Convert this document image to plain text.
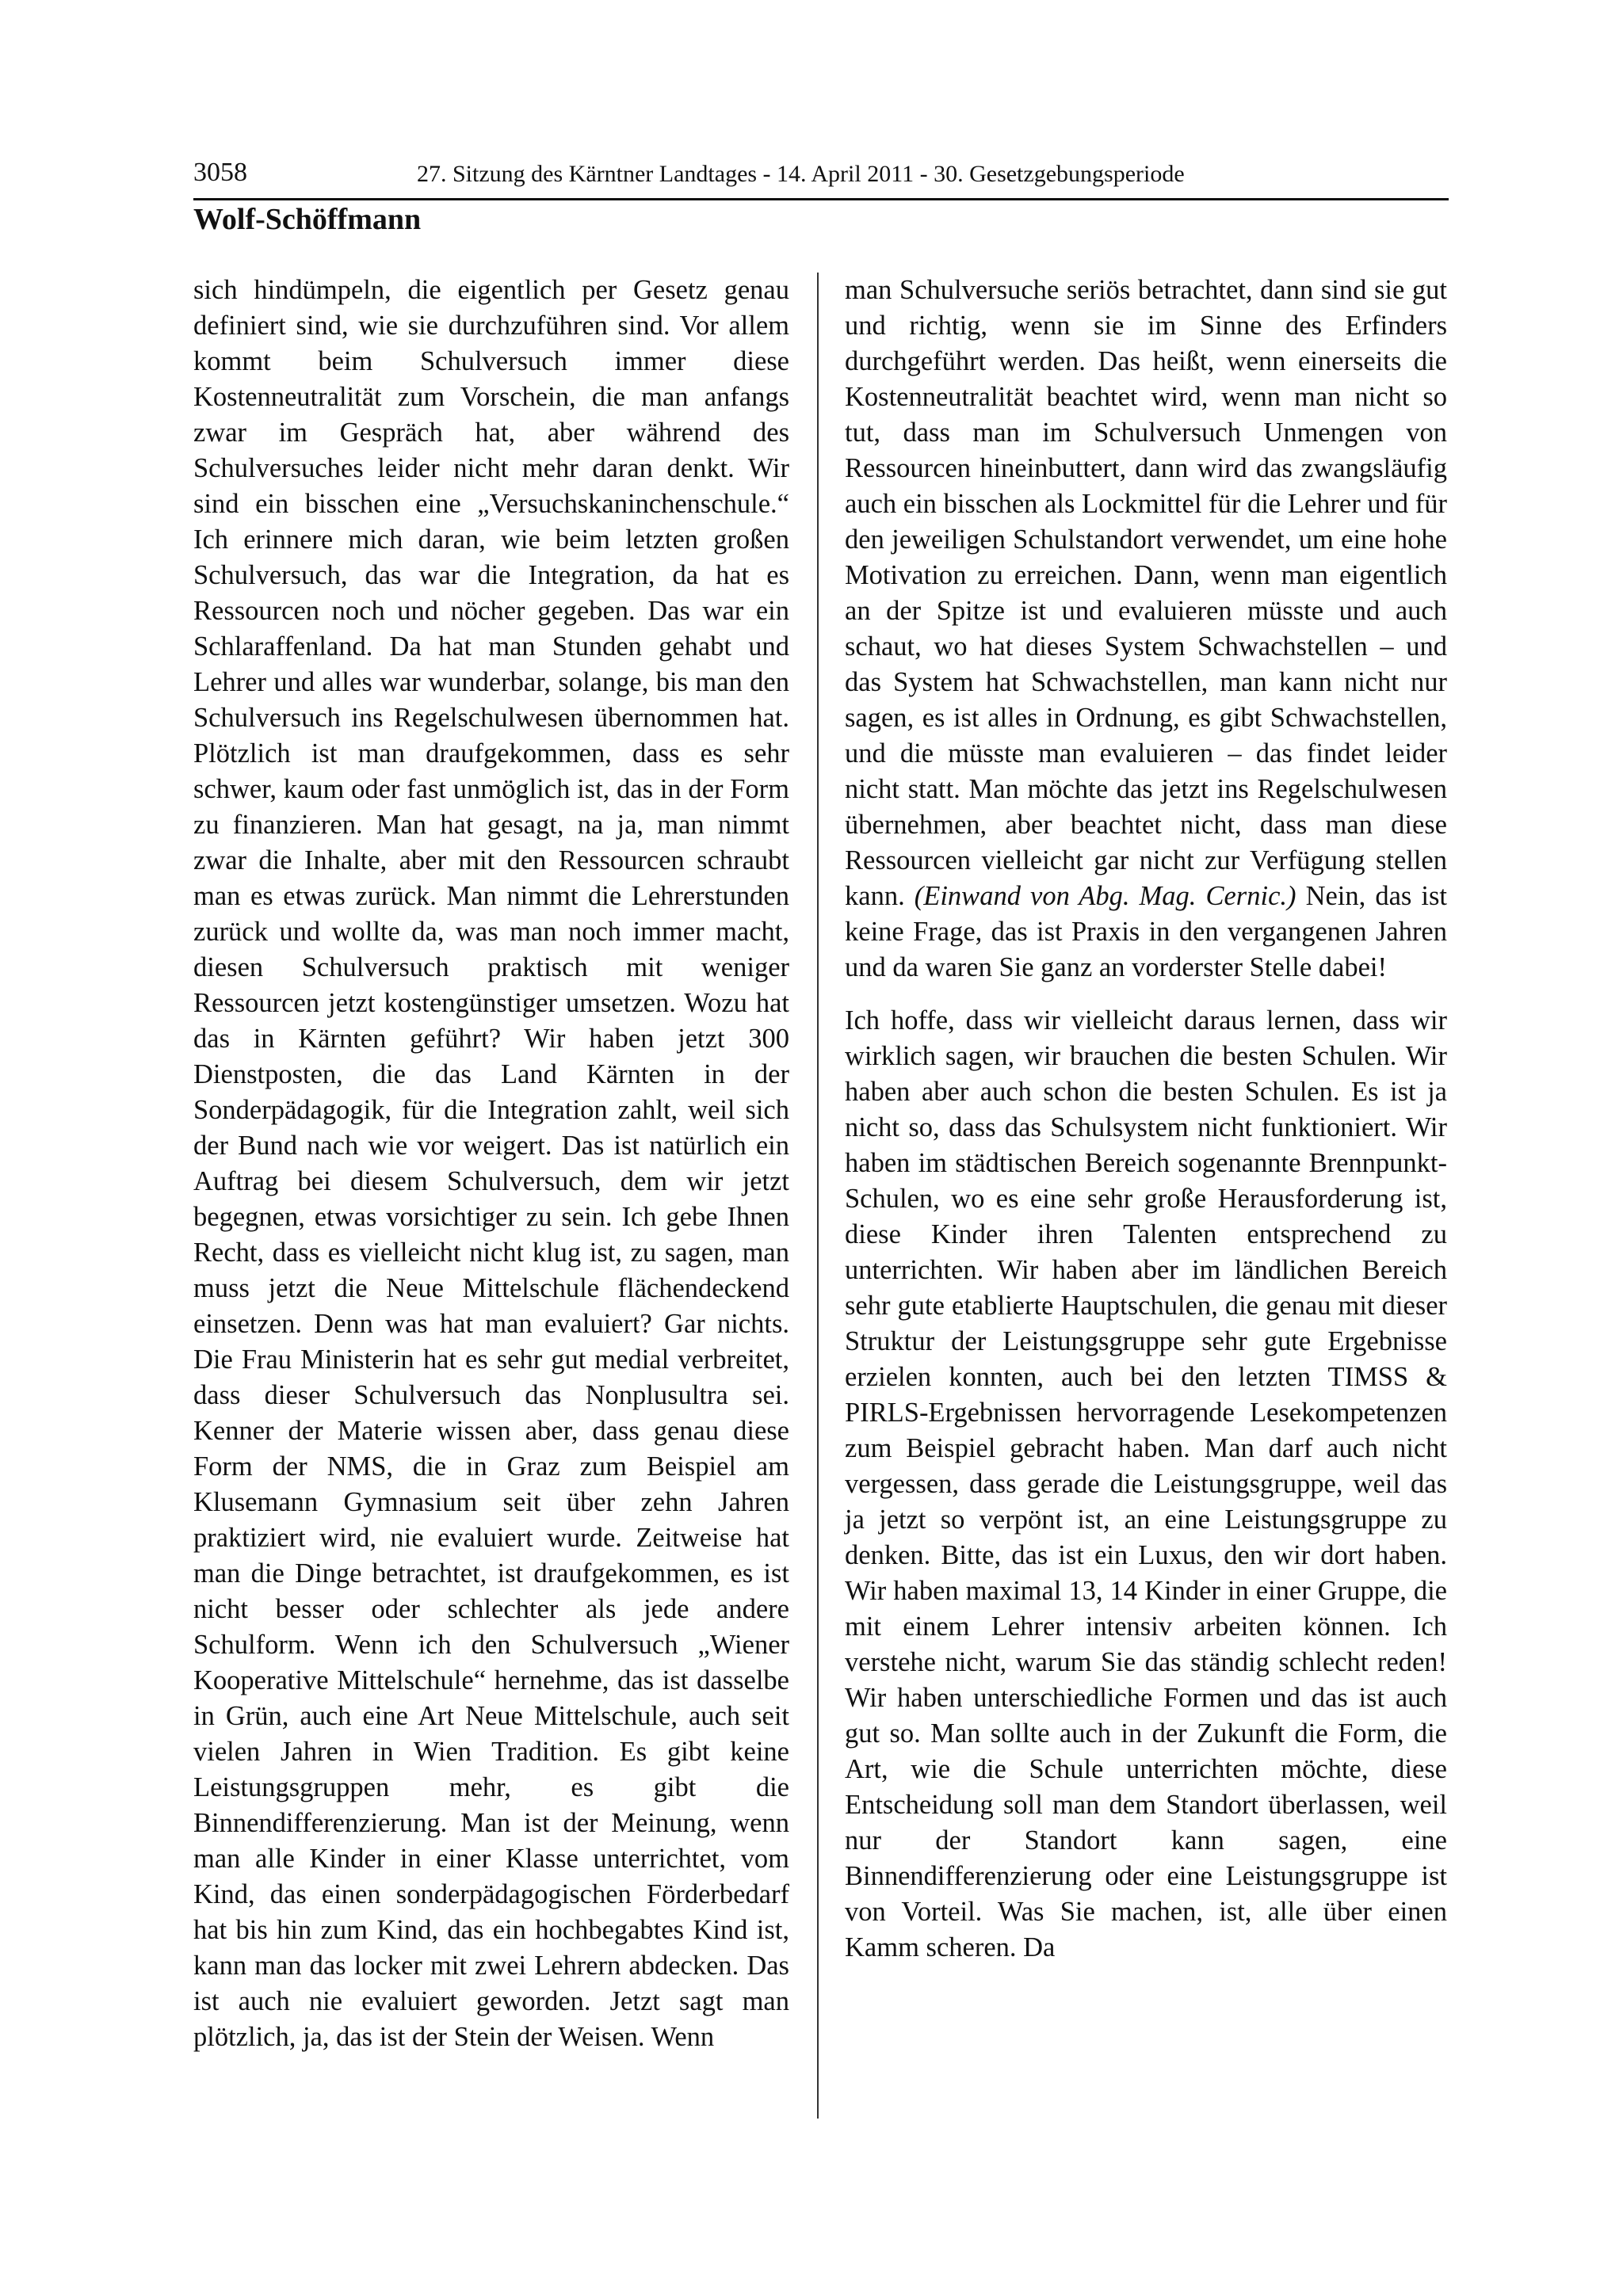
3058	27. Sitzung des Kärntner Landtages - 14. April 2011 - 30. Gesetzgebungsperiode
Wolf-Schöffmann

sich hindümpeln, die eigentlich per Gesetz genau definiert sind, wie sie durchzuführen sind. Vor allem kommt beim Schulversuch immer diese Kostenneutralität zum Vorschein, die man anfangs zwar im Gespräch hat, aber während des Schulversuches leider nicht mehr daran denkt. Wir sind ein bisschen eine „Versuchskaninchenschule.“ Ich erinnere mich daran, wie beim letzten großen Schulversuch, das war die Integration, da hat es Ressourcen noch und nöcher gegeben. Das war ein Schlaraffenland. Da hat man Stunden gehabt und Lehrer und alles war wunderbar, solange, bis man den Schulversuch ins Regelschulwesen übernommen hat. Plötzlich ist man draufgekommen, dass es sehr schwer, kaum oder fast unmöglich ist, das in der Form zu finanzieren. Man hat gesagt, na ja, man nimmt zwar die Inhalte, aber mit den Ressourcen schraubt man es etwas zurück. Man nimmt die Lehrerstunden zurück und wollte da, was man noch immer macht, diesen Schulversuch praktisch mit weniger Ressourcen jetzt kostengünstiger umsetzen. Wozu hat das in Kärnten geführt? Wir haben jetzt 300 Dienstposten, die das Land Kärnten in der Sonderpädagogik, für die Integration zahlt, weil sich der Bund nach wie vor weigert. Das ist natürlich ein Auftrag bei diesem Schulversuch, dem wir jetzt begegnen, etwas vorsichtiger zu sein. Ich gebe Ihnen Recht, dass es vielleicht nicht klug ist, zu sagen, man muss jetzt die Neue Mittelschule flächendeckend einsetzen. Denn was hat man evaluiert? Gar nichts. Die Frau Ministerin hat es sehr gut medial verbreitet, dass dieser Schulversuch das Nonplusultra sei. Kenner der Materie wissen aber, dass genau diese Form der NMS, die in Graz zum Beispiel am Klusemann Gymnasium seit über zehn Jahren praktiziert wird, nie evaluiert wurde. Zeitweise hat man die Dinge betrachtet, ist draufgekommen, es ist nicht besser oder schlechter als jede andere Schulform. Wenn ich den Schulversuch „Wiener Kooperative Mittelschule“ hernehme, das ist dasselbe in Grün, auch eine Art Neue Mittelschule, auch seit vielen Jahren in Wien Tradition. Es gibt keine Leistungsgruppen mehr, es gibt die Binnendifferenzierung. Man ist der Meinung, wenn man alle Kinder in einer Klasse unterrichtet, vom Kind, das einen sonderpädagogischen Förderbedarf hat bis hin zum Kind, das ein hochbegabtes Kind ist, kann man das locker mit zwei Lehrern abdecken. Das ist auch nie evaluiert geworden. Jetzt sagt man plötzlich, ja, das ist der Stein der Weisen. Wenn

man Schulversuche seriös betrachtet, dann sind sie gut und richtig, wenn sie im Sinne des Erfinders durchgeführt werden. Das heißt, wenn einerseits die Kostenneutralität beachtet wird, wenn man nicht so tut, dass man im Schulversuch Unmengen von Ressourcen hineinbuttert, dann wird das zwangsläufig auch ein bisschen als Lockmittel für die Lehrer und für den jeweiligen Schulstandort verwendet, um eine hohe Motivation zu erreichen. Dann, wenn man eigentlich an der Spitze ist und evaluieren müsste und auch schaut, wo hat dieses System Schwachstellen – und das System hat Schwachstellen, man kann nicht nur sagen, es ist alles in Ordnung, es gibt Schwachstellen, und die müsste man evaluieren – das findet leider nicht statt. Man möchte das jetzt ins Regelschulwesen übernehmen, aber beachtet nicht, dass man diese Ressourcen vielleicht gar nicht zur Verfügung stellen kann. (Einwand von Abg. Mag. Cernic.) Nein, das ist keine Frage, das ist Praxis in den vergangenen Jahren und da waren Sie ganz an vorderster Stelle dabei!

Ich hoffe, dass wir vielleicht daraus lernen, dass wir wirklich sagen, wir brauchen die besten Schulen. Wir haben aber auch schon die besten Schulen. Es ist ja nicht so, dass das Schulsystem nicht funktioniert. Wir haben im städtischen Bereich sogenannte Brennpunkt-Schulen, wo es eine sehr große Herausforderung ist, diese Kinder ihren Talenten entsprechend zu unterrichten. Wir haben aber im ländlichen Bereich sehr gute etablierte Hauptschulen, die genau mit dieser Struktur der Leistungsgruppe sehr gute Ergebnisse erzielen konnten, auch bei den letzten TIMSS & PIRLS-Ergebnissen hervorragende Lesekompetenzen zum Beispiel gebracht haben. Man darf auch nicht vergessen, dass gerade die Leistungsgruppe, weil das ja jetzt so verpönt ist, an eine Leistungsgruppe zu denken. Bitte, das ist ein Luxus, den wir dort haben. Wir haben maximal 13, 14 Kinder in einer Gruppe, die mit einem Lehrer intensiv arbeiten können. Ich verstehe nicht, warum Sie das ständig schlecht reden! Wir haben unterschiedliche Formen und das ist auch gut so. Man sollte auch in der Zukunft die Form, die Art, wie die Schule unterrichten möchte, diese Entscheidung soll man dem Standort überlassen, weil nur der Standort kann sagen, eine Binnendifferenzierung oder eine Leistungsgruppe ist von Vorteil. Was Sie machen, ist, alle über einen Kamm scheren. Da
